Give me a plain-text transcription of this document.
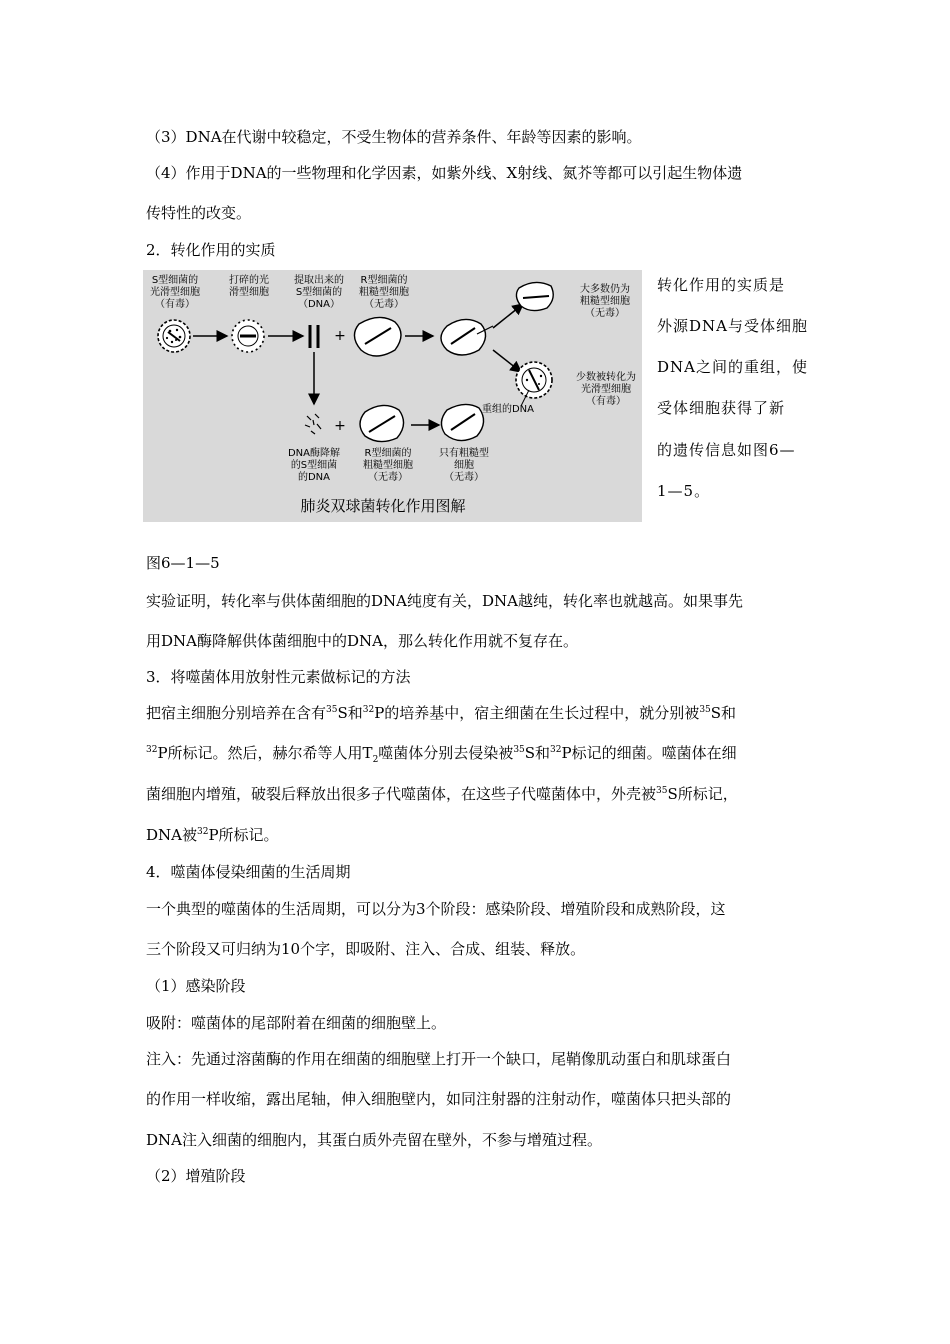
（3）DNA在代谢中较稳定，不受生物体的营养条件、年龄等因素的影响。
（4）作用于DNA的一些物理和化学因素，如紫外线、X射线、氮芥等都可以引起生物体遗
传特性的改变。
2．转化作用的实质
S型细菌的
光滑型细胞
（有毒）
打碎的光
滑型细胞
提取出来的
S型细菌的
（DNA）
+
R型细菌的
粗糙型细胞
（无毒）
大多数仍为
粗糙型细胞
（无毒）
少数被转化为
光滑型细胞
（有毒）
重组的DNA
DNA酶降解
的S型细菌
的DNA
+
R型细菌的
粗糙型细胞
（无毒）
只有粗糙型
细胞
（无毒）
肺炎双球菌转化作用图解
转化作用的实质是
外源DNA与受体细胞
DNA之间的重组，使
受体细胞获得了新
的遗传信息如图6—
1—5。
图6—1—5
实验证明，转化率与供体菌细胞的DNA纯度有关，DNA越纯，转化率也就越高。如果事先
用DNA酶降解供体菌细胞中的DNA，那么转化作用就不复存在。
3．将噬菌体用放射性元素做标记的方法
把宿主细胞分别培养在含有$^{35}$S和$^{32}$P的培养基中，宿主细菌在生长过程中，就分别被$^{35}$S和
$^{32}$P所标记。然后，赫尔希等人用$T_2$噬菌体分别去侵染被$^{35}$S和$^{32}$P标记的细菌。噬菌体在细
菌细胞内增殖，破裂后释放出很多子代噬菌体，在这些子代噬菌体中，外壳被$^{35}$S所标记，
DNA被$^{32}$P所标记。
4．噬菌体侵染细菌的生活周期
一个典型的噬菌体的生活周期，可以分为3个阶段：感染阶段、增殖阶段和成熟阶段，这
三个阶段又可归纳为10个字，即吸附、注入、合成、组装、释放。
（1）感染阶段
吸附：噬菌体的尾部附着在细菌的细胞壁上。
注入：先通过溶菌酶的作用在细菌的细胞壁上打开一个缺口，尾鞘像肌动蛋白和肌球蛋白
的作用一样收缩，露出尾轴，伸入细胞壁内，如同注射器的注射动作，噬菌体只把头部的
DNA注入细菌的细胞内，其蛋白质外壳留在壁外，不参与增殖过程。
（2）增殖阶段
